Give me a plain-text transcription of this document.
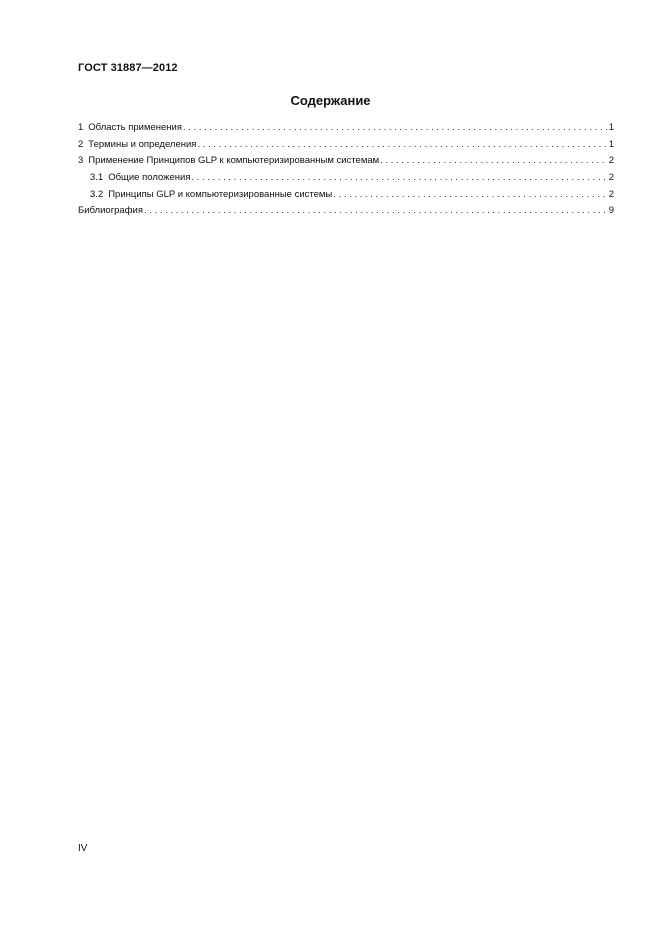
ГОСТ 31887—2012
Содержание
1 Область применения . . .	1
2 Термины и определения . . .	1
3 Применение Принципов GLP к компьютеризированным системам . . .	2
3.1 Общие положения . . .	2
3.2 Принципы GLP и компьютеризированные системы . . .	2
Библиография . . .	9
IV
